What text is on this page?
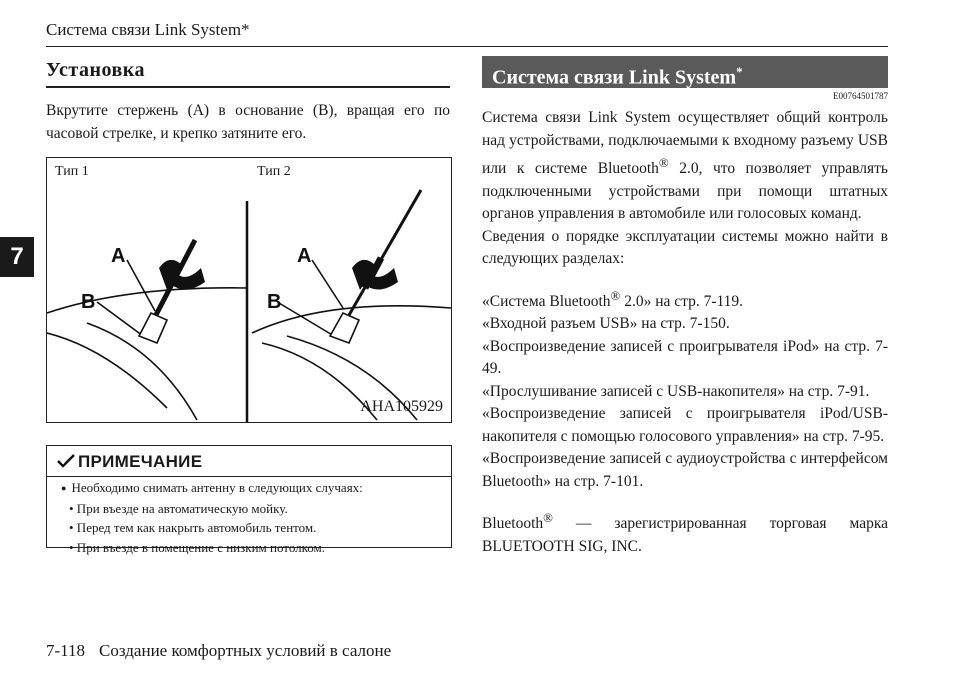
Система связи Link System*
7
Установка
Вкрутите стержень (A) в основание (B), вращая его по часовой стрелке, и крепко затяните его.
Тип 1	Тип 2
A
B
A
B
AHA105929
ПРИМЕЧАНИЕ
● Необходимо снимать антенну в следующих случаях:
• При въезде на автоматическую мойку.
• Перед тем как накрыть автомобиль тентом.
• При въезде в помещение с низким потолком.
Система связи Link System*
E00764501787

Система связи Link System осуществляет общий контроль над устройствами, подключаемыми к входному разъему USB или к системе Bluetooth® 2.0, что позволяет управлять подключенными устройствами при помощи штатных органов управления в автомобиле или голосовых команд.

Сведения о порядке эксплуатации системы можно найти в следующих разделах:

«Система Bluetooth® 2.0» на стр. 7-119.

«Входной разъем USB» на стр. 7-150.

«Воспроизведение записей с проигрывателя iPod» на стр. 7-49.

«Прослушивание записей с USB-накопителя» на стр. 7-91.

«Воспроизведение записей с проигрывателя iPod/USB-накопителя с помощью голосового управления» на стр. 7-95.

«Воспроизведение записей с аудиоустройства с интерфейсом Bluetooth» на стр. 7-101.

Bluetooth® — зарегистрированная торговая марка BLUETOOTH SIG, INC.

7-118 Создание комфортных условий в салоне
